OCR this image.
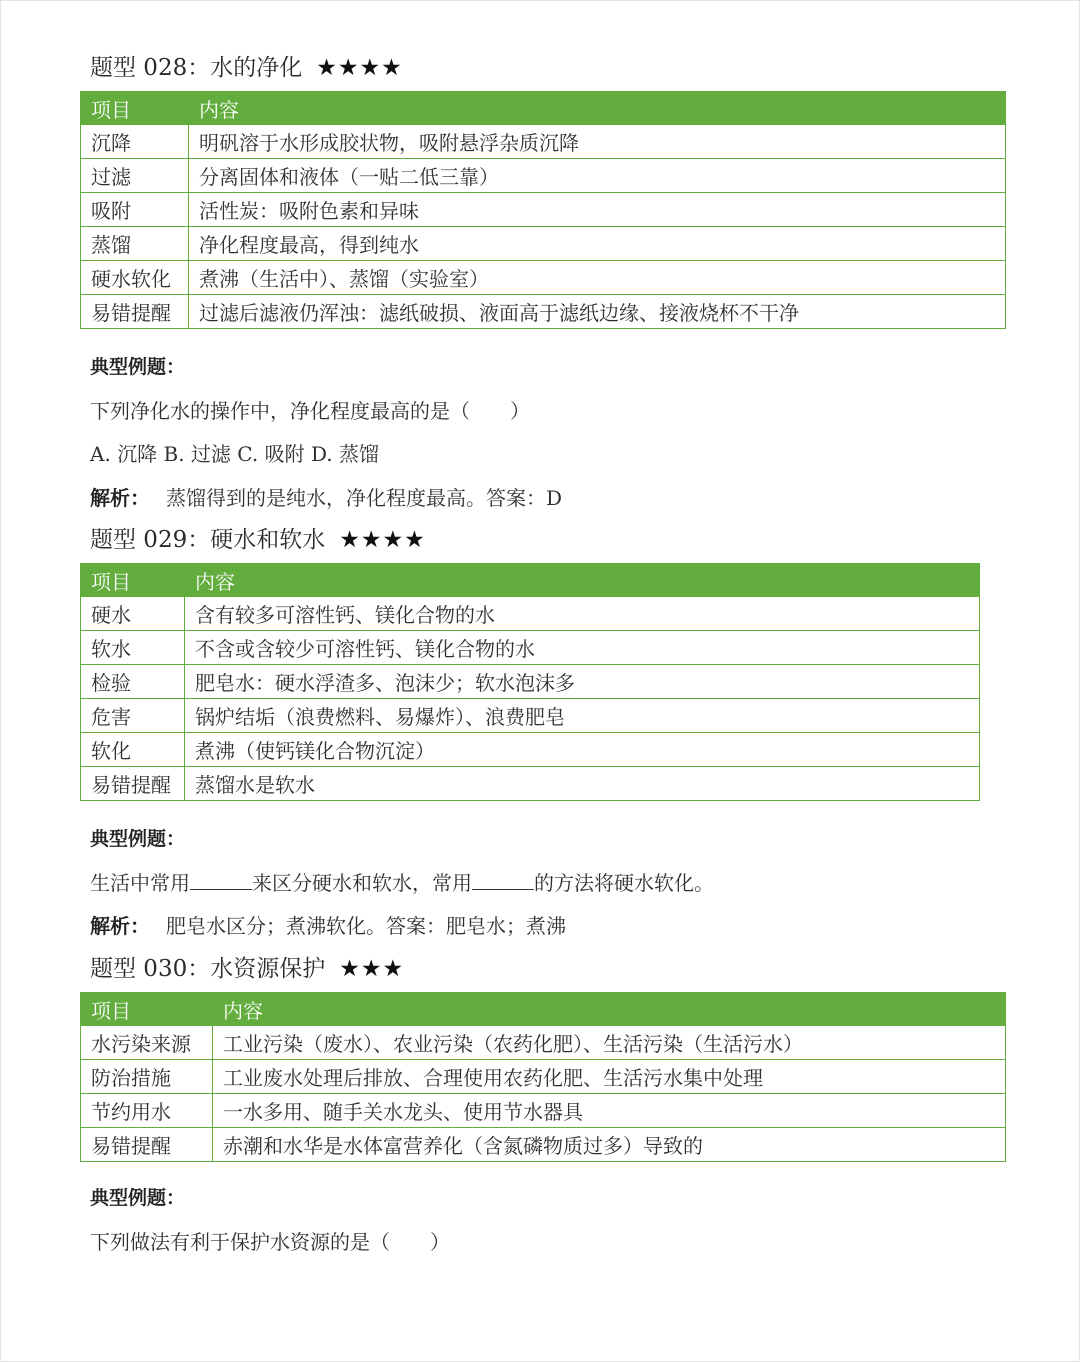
题型 028：水的净化 ★★★★
项目	内容
沉降	明矾溶于水形成胶状物，吸附悬浮杂质沉降
过滤	分离固体和液体（一贴二低三靠）
吸附	活性炭：吸附色素和异味
蒸馏	净化程度最高，得到纯水
硬水软化	煮沸（生活中）、蒸馏（实验室）
易错提醒	过滤后滤液仍浑浊：滤纸破损、液面高于滤纸边缘、接液烧杯不干净
典型例题：
下列净化水的操作中，净化程度最高的是（　　）
A. 沉降 B. 过滤 C. 吸附 D. 蒸馏
解析： 蒸馏得到的是纯水，净化程度最高。答案：D
题型 029：硬水和软水 ★★★★
项目	内容
硬水	含有较多可溶性钙、镁化合物的水
软水	不含或含较少可溶性钙、镁化合物的水
检验	肥皂水：硬水浮渣多、泡沫少；软水泡沫多
危害	锅炉结垢（浪费燃料、易爆炸）、浪费肥皂
软化	煮沸（使钙镁化合物沉淀）
易错提醒	蒸馏水是软水
典型例题：
生活中常用	来区分硬水和软水，常用	的方法将硬水软化。
解析： 肥皂水区分；煮沸软化。答案：肥皂水；煮沸
题型 030：水资源保护 ★★★
项目	内容
水污染来源	工业污染（废水）、农业污染（农药化肥）、生活污染（生活污水）
防治措施	工业废水处理后排放、合理使用农药化肥、生活污水集中处理
节约用水	一水多用、随手关水龙头、使用节水器具
易错提醒	赤潮和水华是水体富营养化（含氮磷物质过多）导致的
典型例题：
下列做法有利于保护水资源的是（　　）
